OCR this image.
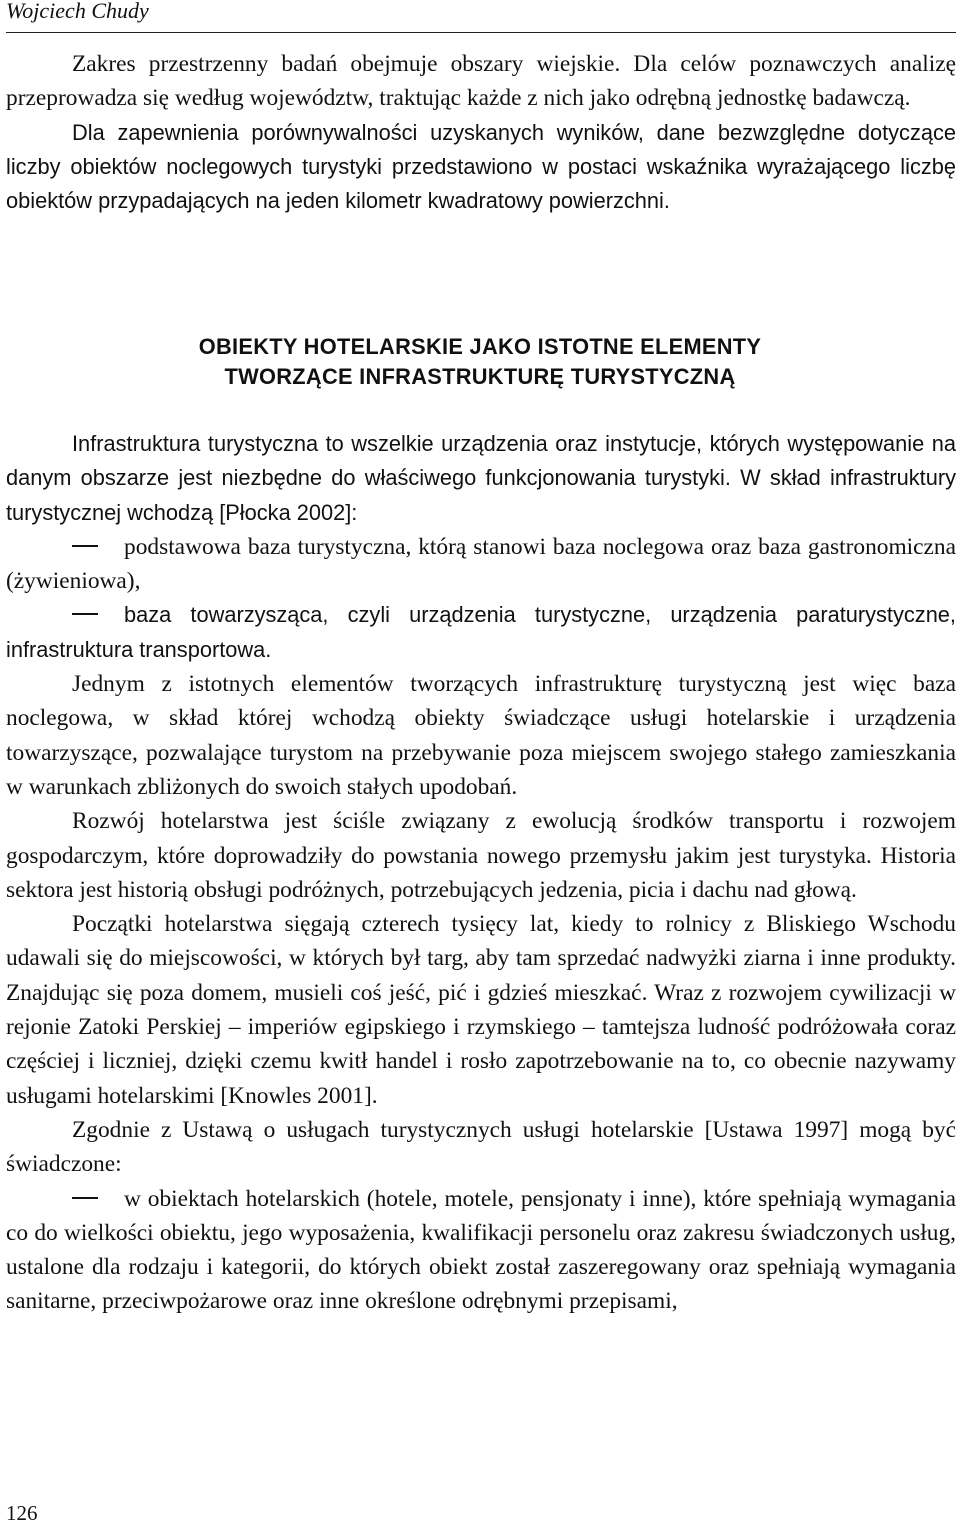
Wojciech Chudy

Zakres przestrzenny badań obejmuje obszary wiejskie. Dla celów poznawczych analizę przeprowadza się według województw, traktując każde z nich jako odrębną jednostkę badawczą.

Dla zapewnienia porównywalności uzyskanych wyników, dane bezwzględne dotyczące liczby obiektów noclegowych turystyki przedstawiono w postaci wskaźnika wyrażającego liczbę obiektów przypadających na jeden kilometr kwadratowy powierzchni.

OBIEKTY HOTELARSKIE JAKO ISTOTNE ELEMENTY
TWORZĄCE INFRASTRUKTURĘ TURYSTYCZNĄ

Infrastruktura turystyczna to wszelkie urządzenia oraz instytucje, których występowanie na danym obszarze jest niezbędne do właściwego funkcjonowania turystyki. W skład infrastruktury turystycznej wchodzą [Płocka 2002]:

podstawowa baza turystyczna, którą stanowi baza noclegowa oraz baza gastronomiczna (żywieniowa),

baza towarzysząca, czyli urządzenia turystyczne, urządzenia paraturystyczne, infrastruktura transportowa.

Jednym z istotnych elementów tworzących infrastrukturę turystyczną jest więc baza noclegowa, w skład której wchodzą obiekty świadczące usługi hotelarskie i urządzenia towarzyszące, pozwalające turystom na przebywanie poza miejscem swojego stałego zamieszkania w warunkach zbliżonych do swoich stałych upodobań.

Rozwój hotelarstwa jest ściśle związany z ewolucją środków transportu i rozwojem gospodarczym, które doprowadziły do powstania nowego przemysłu jakim jest turystyka. Historia sektora jest historią obsługi podróżnych, potrzebujących jedzenia, picia i dachu nad głową.

Początki hotelarstwa sięgają czterech tysięcy lat, kiedy to rolnicy z Bliskiego Wschodu udawali się do miejscowości, w których był targ, aby tam sprzedać nadwyżki ziarna i inne produkty. Znajdując się poza domem, musieli coś jeść, pić i gdzieś mieszkać. Wraz z rozwojem cywilizacji w rejonie Zatoki Perskiej – imperiów egipskiego i rzymskiego – tamtejsza ludność podróżowała coraz częściej i liczniej, dzięki czemu kwitł handel i rosło zapotrzebowanie na to, co obecnie nazywamy usługami hotelarskimi [Knowles 2001].

Zgodnie z Ustawą o usługach turystycznych usługi hotelarskie [Ustawa 1997] mogą być świadczone:

w obiektach hotelarskich (hotele, motele, pensjonaty i inne), które spełniają wymagania co do wielkości obiektu, jego wyposażenia, kwalifikacji personelu oraz zakresu świadczonych usług, ustalone dla rodzaju i kategorii, do których obiekt został zaszeregowany oraz spełniają wymagania sanitarne, przeciwpożarowe oraz inne określone odrębnymi przepisami,

126
